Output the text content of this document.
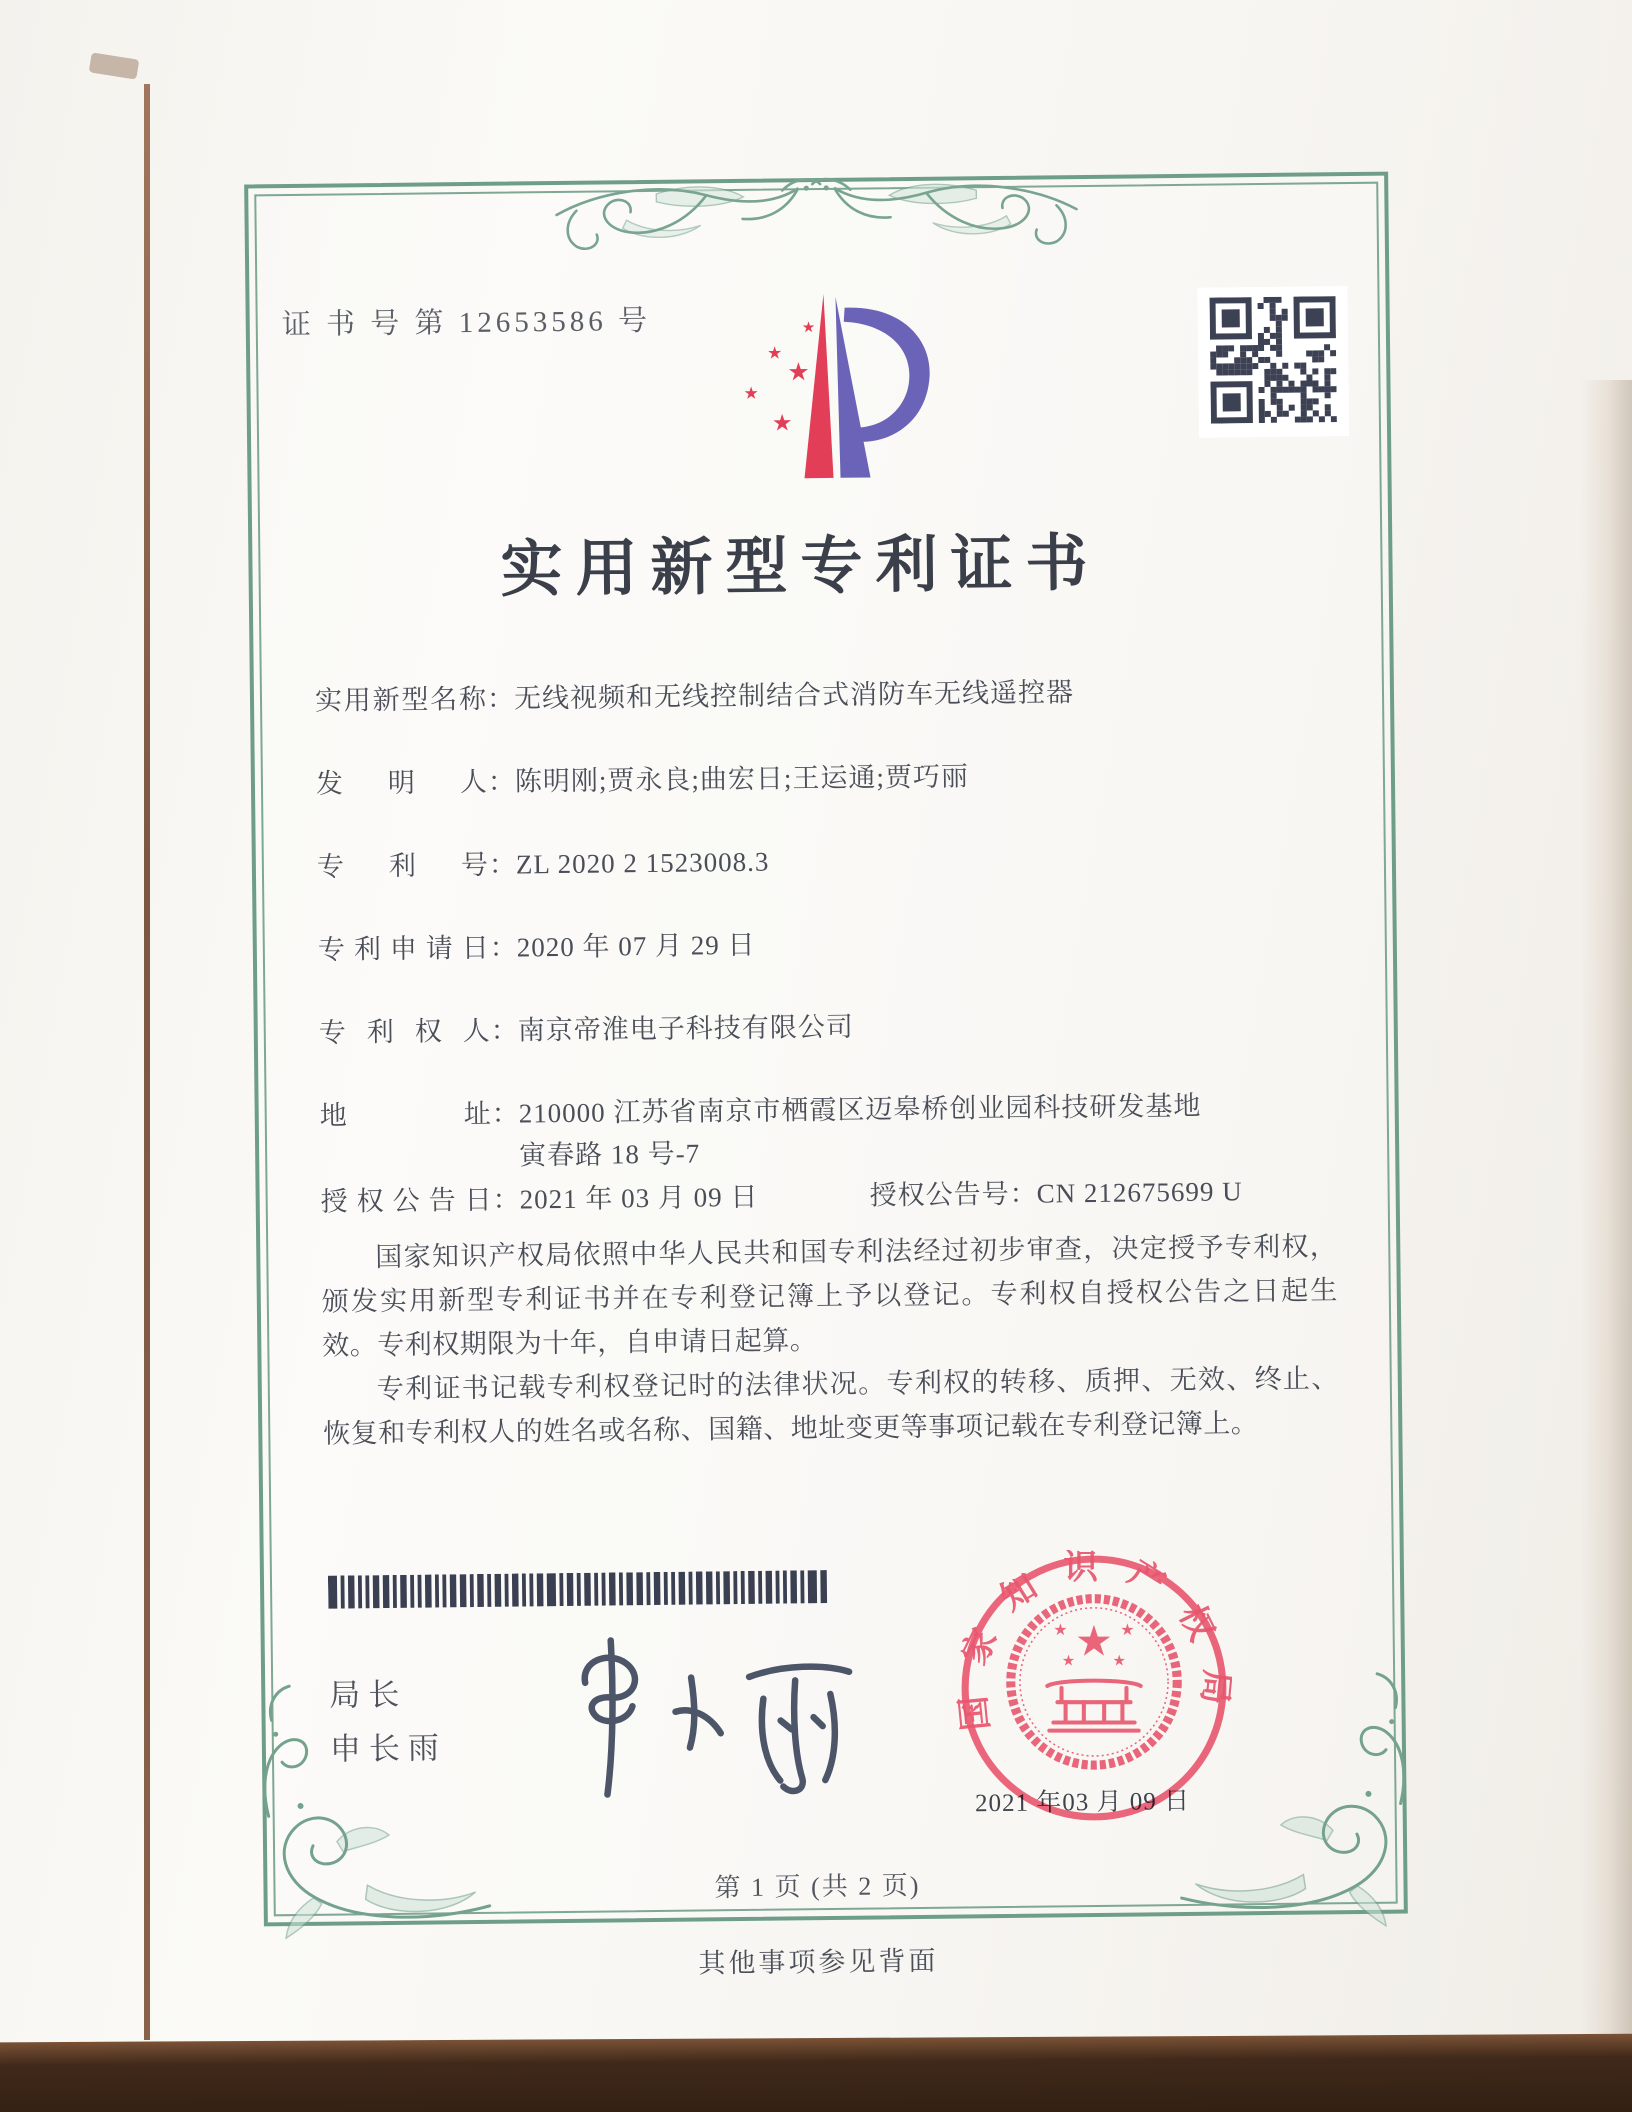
证 书 号 第 12653586 号	★
★
★
★
★
实用新型专利证书
实用新型名称：无线视频和无线控制结合式消防车无线遥控器
发明人：陈明刚;贾永良;曲宏日;王运通;贾巧丽
专利号：ZL 2020 2 1523008.3
专利申请日：2020 年 07 月 29 日
专利权人：南京帝淮电子科技有限公司
地址：210000 江苏省南京市栖霞区迈皋桥创业园科技研发基地
寅春路 18 号-7
授权公告日：2021 年 03 月 09 日	授权公告号：CN 212675699 U

国家知识产权局依照中华人民共和国专利法经过初步审查，决定授予专利权，颁发实用新型专利证书并在专利登记簿上予以登记。专利权自授权公告之日起生效。专利权期限为十年，自申请日起算。

专利证书记载专利权登记时的法律状况。专利权的转移、质押、无效、终止、恢复和专利权人的姓名或名称、国籍、地址变更等事项记载在专利登记簿上。

局长
申长雨
第 1 页 (共 2 页)
其他事项参见背面
2021 年03 月 09 日
国家知识产权局
★
★	★
★ ★
